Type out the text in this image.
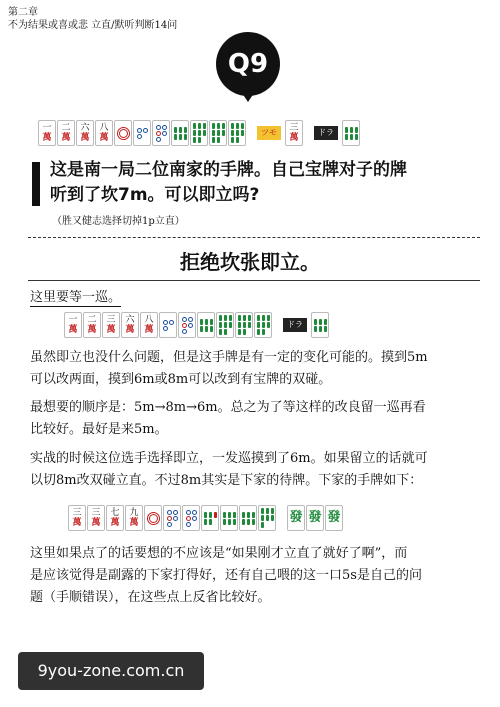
第二章
不为结果或喜或悲 立直/默听判断14问
Q9
一
萬
二
萬
六
萬
八
萬
ツモ	三
萬
ドラ
这是南一局二位南家的手牌。自己宝牌对子的牌
听到了坎7m。可以即立吗?
（胜又健志选择切掉1p立直）
拒绝坎张即立。
这里要等一巡。
一
萬
二
萬
三
萬
六
萬
八
萬
ドラ
虽然即立也没什么问题，但是这手牌是有一定的变化可能的。摸到5m
可以改两面，摸到6m或8m可以改到有宝牌的双碰。
最想要的顺序是：5m→8m→6m。总之为了等这样的改良留一巡再看
比较好。最好是来5m。
实战的时候这位选手选择即立，一发巡摸到了6m。如果留立的话就可
以切8m改双碰立直。不过8m其实是下家的待牌。下家的手牌如下：
三
萬
三
萬
七
萬
九
萬	發 發 發
这里如果点了的话要想的不应该是“如果刚才立直了就好了啊”，而
是应该觉得是副露的下家打得好，还有自己喂的这一口5s是自己的问
题（手顺错误），在这些点上反省比较好。
9you-zone.com.cn
